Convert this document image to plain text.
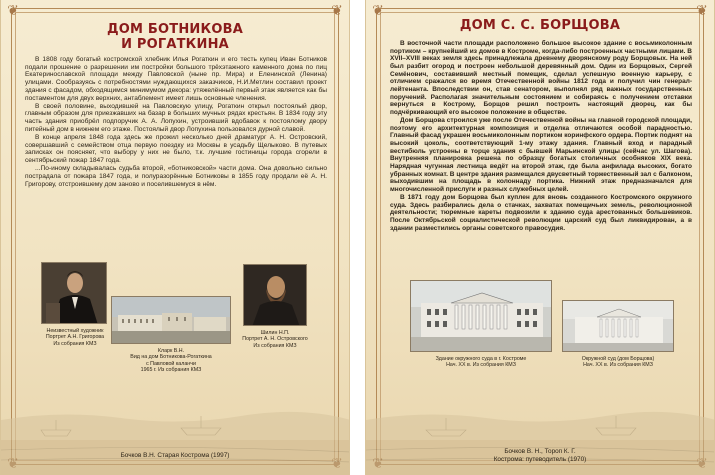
❦	❦
ДОМ БОТНИКОВА
И РОГАТКИНА

В 1808 году богатый костромской хлебник Илья Рогаткин и его тесть купец Иван Ботников подали прошение о разрешении им постройки большого трёхэтажного каменного дома по пиц Екатеринославской площади между Павловской (ныне пр. Мира) и Еленинской (Ленина) улицами. Сообразуясь с потребностями нуждающихся заказчиков, Н.И.Метлин составил проект здания с фасадом, обходящимся минимумом декора: утяжелённый первый этаж является как бы постаментом для двух верхних, антаблемент имеет лишь основные членения.

В своей половине, выходившей на Павловскую улицу, Рогаткин открыл постоялый двор, главным образом для приезжавших на базар в больших мучных рядах крестьян. В 1834 году эту часть здания приобрёл подпоручик А. А. Лопухин, устроивший вдобавок к постоялому двору питейный дом в нижнем его этаже. Постоялый двор Лопухина пользовался дурной славой.

В конце апреля 1848 года здесь же прожил несколько дней драматург А. Н. Островский, совершавший с семейством отца первую поездку из Москвы в усадьбу Щелыково. В путевых записках он поясняет, что выбору у них не было, т.к. лучшие гостиницы города сгорели в сентябрьский пожар 1847 года.

...По-иному складывалась судьба второй, «ботниковской» части дома. Она довольно сильно пострадала от пожара 1847 года, и полуразорённые Ботниковы в 1855 году продали её А. Н. Григорову, отстроившему дом заново и поселившемуся в нём.

Неизвестный художник
Портрет А.Н. Григорова
Из собрания КМЗ
Кларк В.Н.
Вид на дом Ботникова-Рогаткина
с Павловой каланчи
1965 г. Из собрания КМЗ
Шилин Н.П.
Портрет А. Н. Островского
Из собрания КМЗ
Бочков В.Н. Старая Кострома (1997)
❦	❦
ДОМ С. С. БОРЩОВА

В восточной части площади расположено большое высокое здание с восьмиколонным портиком – крупнейший из домов в Костроме, когда-либо построенных частными лицами. В XVII–XVIII веках земля здесь принадлежала древнему дворянскому роду Борщовых. На ней был разбит огород и построен небольшой деревянный дом. Один из Борщовых, Сергей Семёнович, составивший местный помещик, сделал успешную военную карьеру, с отличием сражался во время Отечественной войны 1812 года и получил чин генерал-лейтенанта. Впоследствии он, став сенатором, выполнял ряд важных государственных поручений. Располагая значительным состоянием и собираясь с получением отставки вернуться в Кострому, Борщов решил построить настоящий дворец, как бы подчёркивающий его высокое положение в обществе.

Дом Борщова строился уже после Отечественной войны на главной городской площади, поэтому его архитектурная композиция и отделка отличаются особой парадностью. Главный фасад украшен восьмиколонным портиком коринфского ордера. Портик поднят на высокий цоколь, соответствующий 1-му этажу здания. Главный вход и парадный вестибюль устроены в торце здания с бывшей Марьинской улицы (сейчас ул. Шагова). Внутренняя планировка решена по образцу богатых столичных особняков XIX века. Нарядная чугунная лестница ведёт на второй этаж, где была анфилада высоких, богато убранных комнат. В центре здания размещался двусветный торжественный зал с балконом, выходившим на площадь в колоннаду портика. Нижний этаж предназначался для многочисленной прислуги и разных служебных целей.

В 1871 году дом Борщова был куплен для вновь созданного Костромского окружного суда. Здесь разбирались дела о стачках, захватах помещичьих земель, революционной деятельности; тюремные кареты подвозили к зданию суда арестованных большевиков. После Октябрьской социалистической революции царский суд был ликвидирован, а в здании разместились органы советского правосудия.

Здание окружного суда в г. Костроме
Нач. XX в. Из собрания КМЗ
Окружной суд (дом Борщова)
Нач. XX в. Из собрания КМЗ
Бочков В. Н., Тороп К. Г.
Кострома: путеводитель (1970)
